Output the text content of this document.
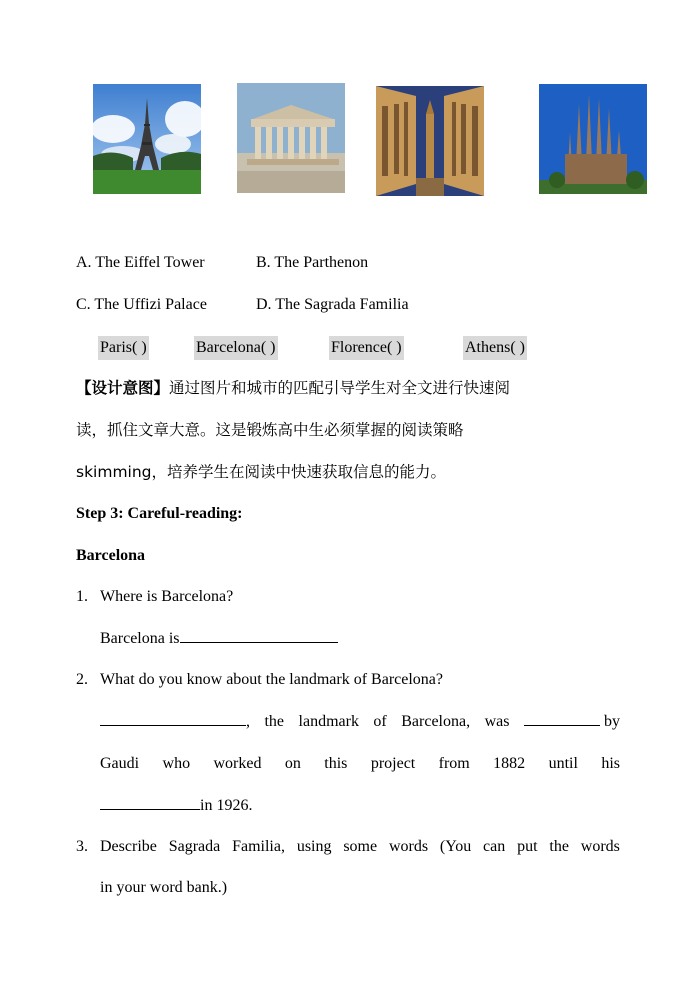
A. The Eiffel Tower	B. The Parthenon
C. The Uffizi Palace	D. The Sagrada Familia
Paris( )	Barcelona( )	Florence( )	Athens( )
【设计意图】通过图片和城市的匹配引导学生对全文进行快速阅
读，抓住文章大意。这是锻炼高中生必须掌握的阅读策略
skimming，培养学生在阅读中快速获取信息的能力。
Step 3: Careful-reading:
Barcelona
1. Where is Barcelona?
Barcelona is
2. What do you know about the landmark of Barcelona?
, the landmark of Barcelona, was	by
Gaudi who worked on this project from 1882 until his
in 1926.
3. Describe Sagrada Familia, using some words (You can put the words
in your word bank.)
